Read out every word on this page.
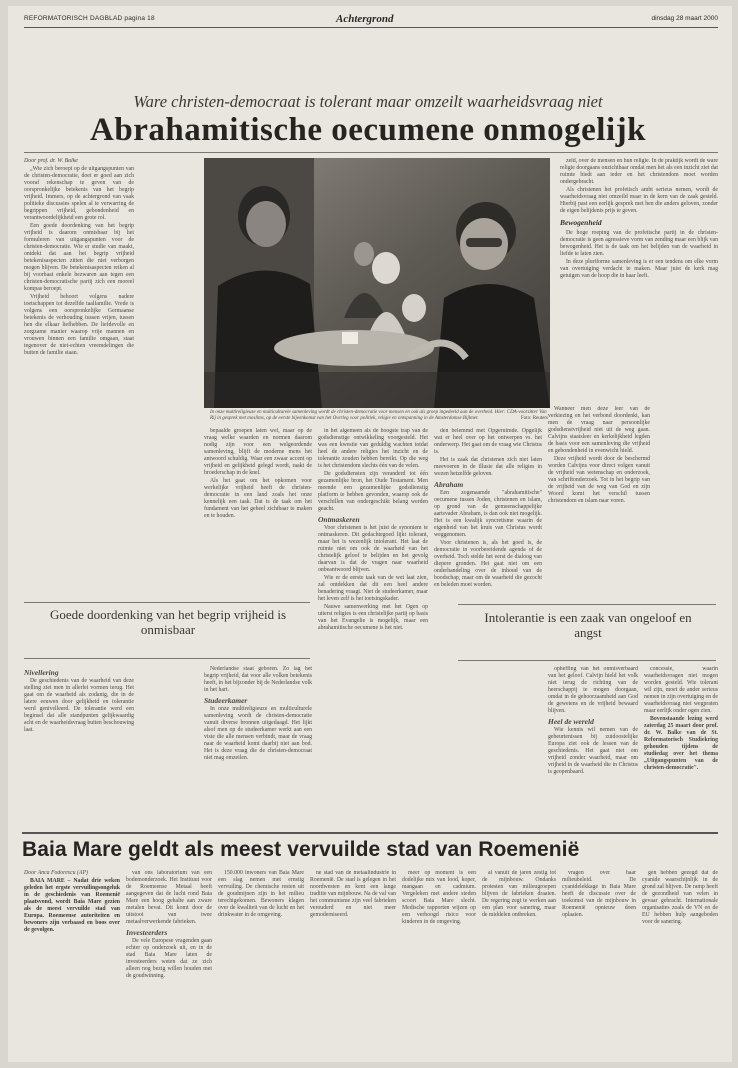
REFORMATORISCH DAGBLAD pagina 18	Achtergrond	dinsdag 28 maart 2000
Ware christen-democraat is tolerant maar omzeilt waarheidsvraag niet
Abrahamitische oecumene onmogelijk

Door prof. dr. W. Balke

„Wie zich beroept op de uitgangspunten van de christen-democratie, doet er goed aan zich vooraf rekenschap te geven van de oorspronkelijke betekenis van het begrip vrijheid. Immers, op de achtergrond van vaak politieke discussies spelen al te verwarring de begrippen vrijheid, gebondenheid en verantwoordelijkheid een grote rol.

Een goede doordenking van het begrip vrijheid is daarom onmisbaar bij het formuleren van uitgangspunten voor de christen-democratie. Wie er studie van maakt, ontdekt dat aan het begrip vrijheid betekenisaspecten zitten die niet verborgen mogen blijven. De betekenisaspecten reiken al bij voorbaat enkele bezwaren aan tegen een christen-democratische partij zich een moreel kompas beroept.

Vrijheid behoort volgens nadere toetschappen tot dezelfde taalfamilie. Vrede is volgens een oorspronkelijke Germaanse betekenis de verhouding tussen vrijen, tussen hen die elkaar liefhebben. De liefdevolle en zorgzame manier waarop vrije mannen en vrouwen binnen een familie omgaan, staat tegenover de niet-echten vreemdelingen die buiten de familie staan.

In onze multireligieuze en multiculturele samenleving wordt de christen-democratie voor mensen en ook als groep ingedeeld aan de overheid. Hier: CDA-voorzitter Van Rij in gesprek met moslims, op de eerste bijeenkomst van het Overleg voor politiek, religie en ontspanning in de Amsterdamse Bijlmer.	Foto: Reuters

zeld, over de mensen en hun religie. In de praktijk wordt de ware religie doorgaans onzichtbaar omdat men het als een inzicht ziet dat ruimte biedt aan ieder en het christendom moet worden ondergebracht.

Als christenen het profetisch ambt serieus nemen, wordt de waarheidsvraag niet omzeild maar in de kern van de zaak gesteld. Hierbij past een eerlijk gesprek met hen die anders geloven, zonder de eigen belijdenis prijs te geven.

Bewogenheid

De hoge roeping van de profetische partij in de christen-democratie is geen agressieve vorm van zending maar een blijk van bewogenheid. Het is de taak om het belijden van de waarheid in liefde te laten zien.

In deze pluriforme samenleving is er een tendens om elke vorm van overtuiging verdacht te maken. Maar juist de kerk mag getuigen van de hoop die in haar leeft.

bepaalde groepen laten wel, maar op de vraag welke waarden en normen daarom nodig zijn voor een welgeordende samenleving, blijft de moderne mens het antwoord schuldig. Waar een zwaar accent op vrijheid en gelijkheid gelegd wordt, raakt de broederschap in de knel.

Als het gaat om het opkomen voor werkelijke vrijheid heeft de christen-democratie in een land zoals het onze kennelijk een taak. Dat is de taak om het fundament van het geheel zichtbaar te maken en te houden.

in het algemeen als de hoogste trap van de godsdienstige ontwikkeling voorgesteld. Het was een kwestie van geduldig wachten totdat heel de andere religies het inzicht en de tolerantie zouden hebben bereikt. Op die weg is het christendom slechts één van de velen.

De godsdiensten zijn veranderd tot één gezamenlijke bron, het Oude Testament. Men meende een gezamenlijke godsdienstig platform te hebben gevonden, waarop ook de verschillen van ondergeschikt belang werden geacht.

Ontmaskeren

Voor christenen is het juist de synoniem te ontmaskeren. Dit gedachtegoed lijkt tolerant, maar het is wezenlijk intolerant. Het laat de ruimte niet om ook de waarheid van het christelijk geloof te belijden en het gevolg daarvan is dat de vragen naar waarheid onbeantwoord blijven.

Wie er de eerste taak van de wet laat zien, zal ontdekken dat dit een heel andere benadering vraagt. Niet de studeerkamer, maar het leven zelf is het toetsingskader.

Nauwe samenwerking met het Ogen op uiterst religies is een christelijke partij op basis van het Evangelie is mogelijk, maar een abrahamitische oecumene is het niet.

den belemmd met Opgeruimde. Opgelijk wat er heel over op het ontwerpen vs. het onderwerp. Het gaat om de vraag wie Christus is.

Het is zaak dat christenen zich niet laten meevoeren in de illusie dat alle religies in wezen hetzelfde geloven.

Abraham

Een zogenaamde "abrahamitische" oecumene tussen Joden, christenen en islam, op grond van de gemeenschappelijke aartsvader Abraham, is dan ook niet mogelijk. Het is een kwalijk syncretisme waarin de eigenheid van het kruis van Christus wordt weggenomen.

Voor christenen is, als het goed is, de democratie in voorbereidende agenda of de overheid. Toch stelde het eerst de dialoog van diepere gronden. Het gaat niet om een onderhandeling over de inhoud van de boodschap, maar om de waarheid die gezocht en beleden moet worden.

Wanneer men deze leer van de verkiezing en het verbond doordenkt, kan men de vraag naar persoonlijke godsdienstvrijheid niet uit de weg gaan. Calvijns staatsleer en kerkelijkheid legden de basis voor een samenleving die vrijheid en gebondenheid in evenwicht hield.

Deze vrijheid wordt door de beschermd worden Calvijns voor direct volgen vanuit de vrijheid van wetenschap en onderzoek, van schriftonderzoek. Tot in het begrip van de vrijheid van de weg van God en zijn Woord komt het verschil tussen christendom en islam naar voren.

Goede doordenking van het begrip vrijheid is onmisbaar
Intolerantie is een zaak van ongeloof en angst
Nivellering

De geschiedenis van de waarheid van deze stelling ziet men in allerlei vormen terug. Het gaat om de waarheid als zodanig, die in de latere eeuwen door gelijkheid en tolerantie werd genivelleerd. De tolerantie werd een beginsel dat alle standpunten gelijkwaardig acht en de waarheidsvraag buiten beschouwing laat.

Nederlandse staat geboren. Zo lag het begrip vrijheid, dat voor alle volken betekenis heeft, in het bijzonder bij de Nederlandse volk in het hart.

Studeerkamer

In onze multireligieuze en multiculturele samenleving wordt de christen-democratie vanuit diverse bronnen uitgedaagd. Het lijkt alsof men op de studeerkamer werkt aan een visie die alle mensen verbindt, maar de vraag naar de waarheid komt daarbij niet aan bod. Het is deze vraag die de christen-democraat niet mag omzeilen.

opheffing van het onmisverbaard van het geloof. Calvijn hield het volk niet terug de richting van de heerschappij te mogen doorgaan, omdat in de gehoorzaamheid aan God de gewetens en de vrijheid bewaard blijven.

Heel de wereld

Wie kennis wil nemen van de gebeurtenissen bij zuidoostelijke Europa ziet ook de lessen van de geschiedenis. Het gaat niet om vrijheid zonder waarheid, maar om vrijheid in de waarheid die in Christus is geopenbaard.

concessie, waarin waarheidsvragen niet mogen worden gesteld. Wie tolerant wil zijn, moet de ander serieus nemen in zijn overtuiging en de waarheidsvraag niet wegpraten maar eerlijk onder ogen zien.

Bovenstaande lezing werd zaterdag 25 maart door prof. dr. W. Balke van de St. Reformatorisch Studiekring gehouden tijdens de studiedag over het thema „Uitgangspunten van de christen-democratie".

Baia Mare geldt als meest vervuilde stad van Roemenië

Door Anca Fodorescu (AP)

BAIA MARE – Nadat drie weken geleden het ergste vervuilingsongeluk in de geschiedenis van Roemenië plaatsvond, wordt Baia Mare gezien als de meest vervuilde stad van Europa. Roemeense autoriteiten en bewoners zijn verbaasd en boos over de gevolgen.

van ons laboratorium van een bodemonderzoek. Het Instituut voor de Roemeense Metaal heeft aangegeven dat de lucht rond Baia Mare een hoog gehalte aan zware metalen bevat. Dit komt door de uitstoot van twee metaalverwerkende fabrieken.

Investeerders

De vele Europese vragenden gaan echter op onderzoek uit, en in de stad Baia Mare laten de investeerders weten dat ze zich alleen nog bezig willen houden met de goudwinning.

150.000 inwoners van Baia Mare een slag nemen met ernstig vervuiling. De chemische resten uit de goudmijnen zijn in het milieu terechtgekomen. Bewoners klagen over de kwaliteit van de lucht en het drinkwater in de omgeving.

ne stad van de metaalindustrie in Roemenië. De stad is gelegen in het noordwesten en kent een lange traditie van mijnbouw. Na de val van het communisme zijn veel fabrieken verouderd en niet meer gemoderniseerd.

meer op moment is een dodelijke mix van lood, koper, mangaan en cadmium. Vergeleken met andere steden scoort Baia Mare slecht. Medische rapporten wijzen op een verhoogd risico voor kinderen in de omgeving.

al vanuit de jaren zestig tot de mijnbouw. Ondanks protesten van milieugroepen blijven de fabrieken draaien. De regering zegt te werken aan een plan voor sanering, maar de middelen ontbreken.

vragen over haar milieubeleid. De cyanidelekkage in Baia Mare heeft de discussie over de toekomst van de mijnbouw in Roemenië opnieuw doen oplaaien.

gen hebben gezegd dat de cyanide waarschijnlijk in de grond zal blijven. De ramp heeft de gezondheid van velen in gevaar gebracht. Internationale organisaties zoals de VN en de EU hebben hulp aangeboden voor de sanering.
